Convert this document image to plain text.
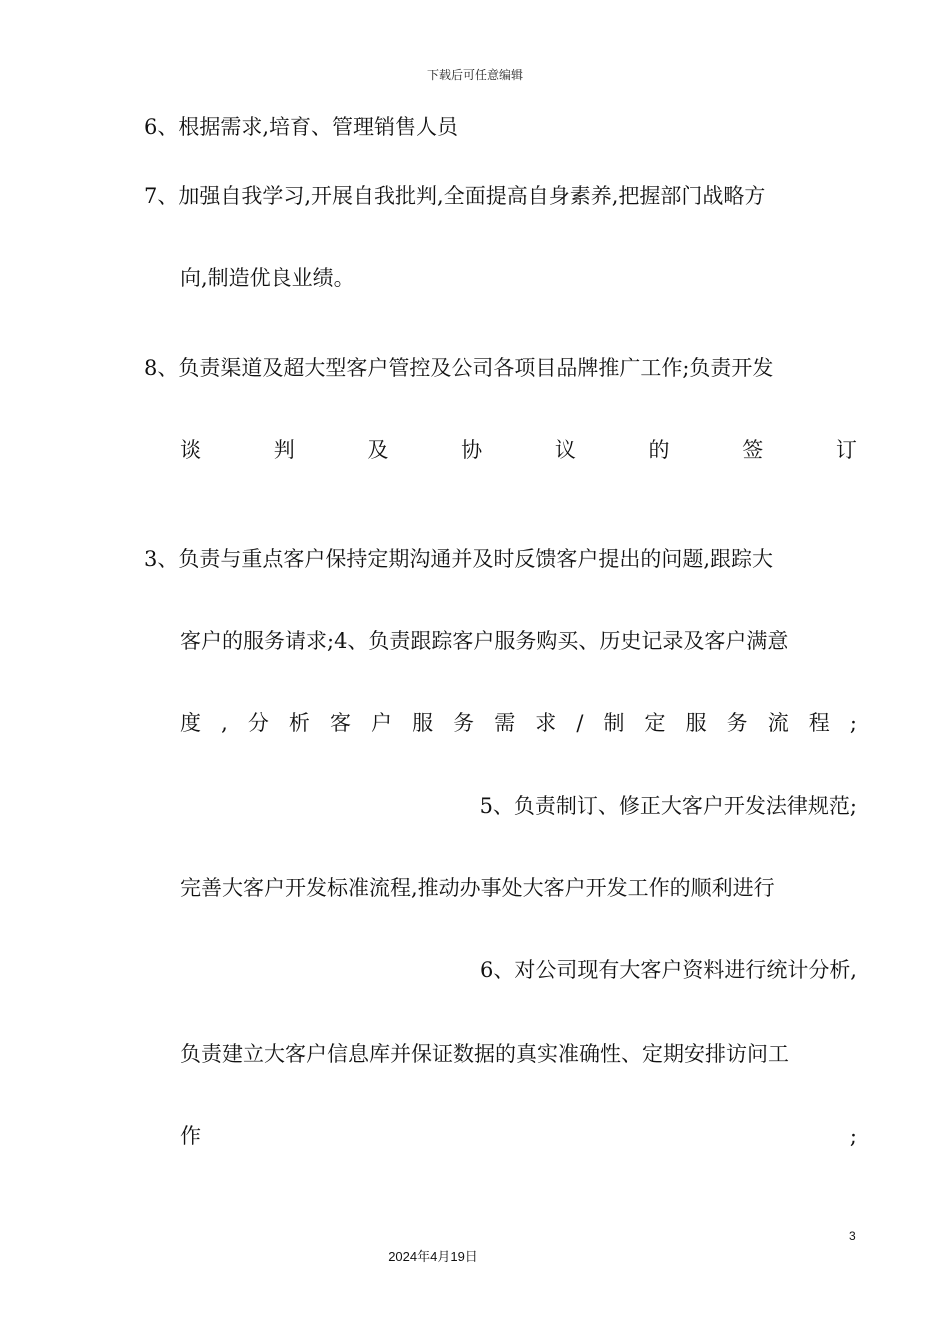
下载后可任意编辑
6、根据需求,培育、管理销售人员
7、加强自我学习,开展自我批判,全面提高自身素养,把握部门战略方
向,制造优良业绩。
8、负责渠道及超大型客户管控及公司各项目品牌推广工作;负责开发
谈	判	及	协	议	的	签	订
3、负责与重点客户保持定期沟通并及时反馈客户提出的问题,跟踪大
客户的服务请求;4、负责跟踪客户服务购买、历史记录及客户满意
度 , 分 析 客 户 服 务 需 求 / 制 定 服 务 流 程 ;
5、负责制订、修正大客户开发法律规范;
完善大客户开发标准流程,推动办事处大客户开发工作的顺利进行
6、对公司现有大客户资料进行统计分析,
负责建立大客户信息库并保证数据的真实准确性、定期安排访问工
作	;
3
2024年4月19日
